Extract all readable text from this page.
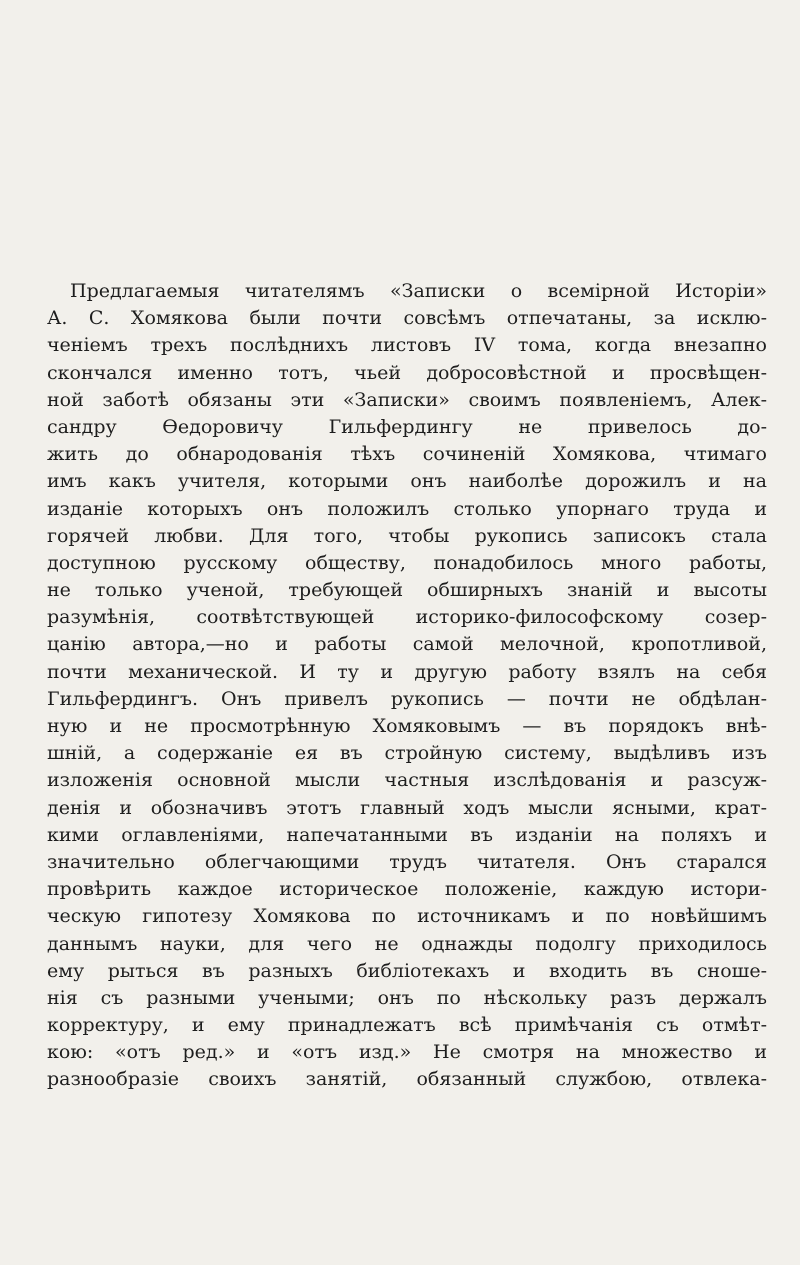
Предлагаемыя читателямъ «Записки о всемірной Исторіи»
А. С. Хомякова были почти совсѣмъ отпечатаны, за исклю-
ченіемъ трехъ послѣднихъ листовъ IV тома, когда внезапно
скончался именно тотъ, чьей добросовѣстной и просвѣщен-
ной заботѣ обязаны эти «Записки» своимъ появленіемъ, Алек-
сандру Ѳедоровичу Гильфердингу не привелось до-
жить до обнародованія тѣхъ сочиненій Хомякова, чтимаго
имъ какъ учителя, которыми онъ наиболѣе дорожилъ и на
изданіе которыхъ онъ положилъ столько упорнаго труда и
горячей любви. Для того, чтобы рукопись записокъ стала
доступною русскому обществу, понадобилось много работы,
не только ученой, требующей обширныхъ знаній и высоты
разумѣнія, соотвѣтствующей историко-философскому созер-
цанію автора,—но и работы самой мелочной, кропотливой,
почти механической. И ту и другую работу взялъ на себя
Гильфердингъ. Онъ привелъ рукопись — почти не обдѣлан-
ную и не просмотрѣнную Хомяковымъ — въ порядокъ внѣ-
шній, а содержаніе ея въ стройную систему, выдѣливъ изъ
изложенія основной мысли частныя изслѣдованія и разсуж-
денія и обозначивъ этотъ главный ходъ мысли ясными, крат-
кими оглавленіями, напечатанными въ изданіи на поляхъ и
значительно облегчающими трудъ читателя. Онъ старался
провѣрить каждое историческое положеніе, каждую истори-
ческую гипотезу Хомякова по источникамъ и по новѣйшимъ
даннымъ науки, для чего не однажды подолгу приходилось
ему рыться въ разныхъ библіотекахъ и входить въ сноше-
нія съ разными учеными; онъ по нѣскольку разъ держалъ
корректуру, и ему принадлежатъ всѣ примѣчанія съ отмѣт-
кою: «отъ ред.» и «отъ изд.» Не смотря на множество и
разнообразіе своихъ занятій, обязанный службою, отвлека-
